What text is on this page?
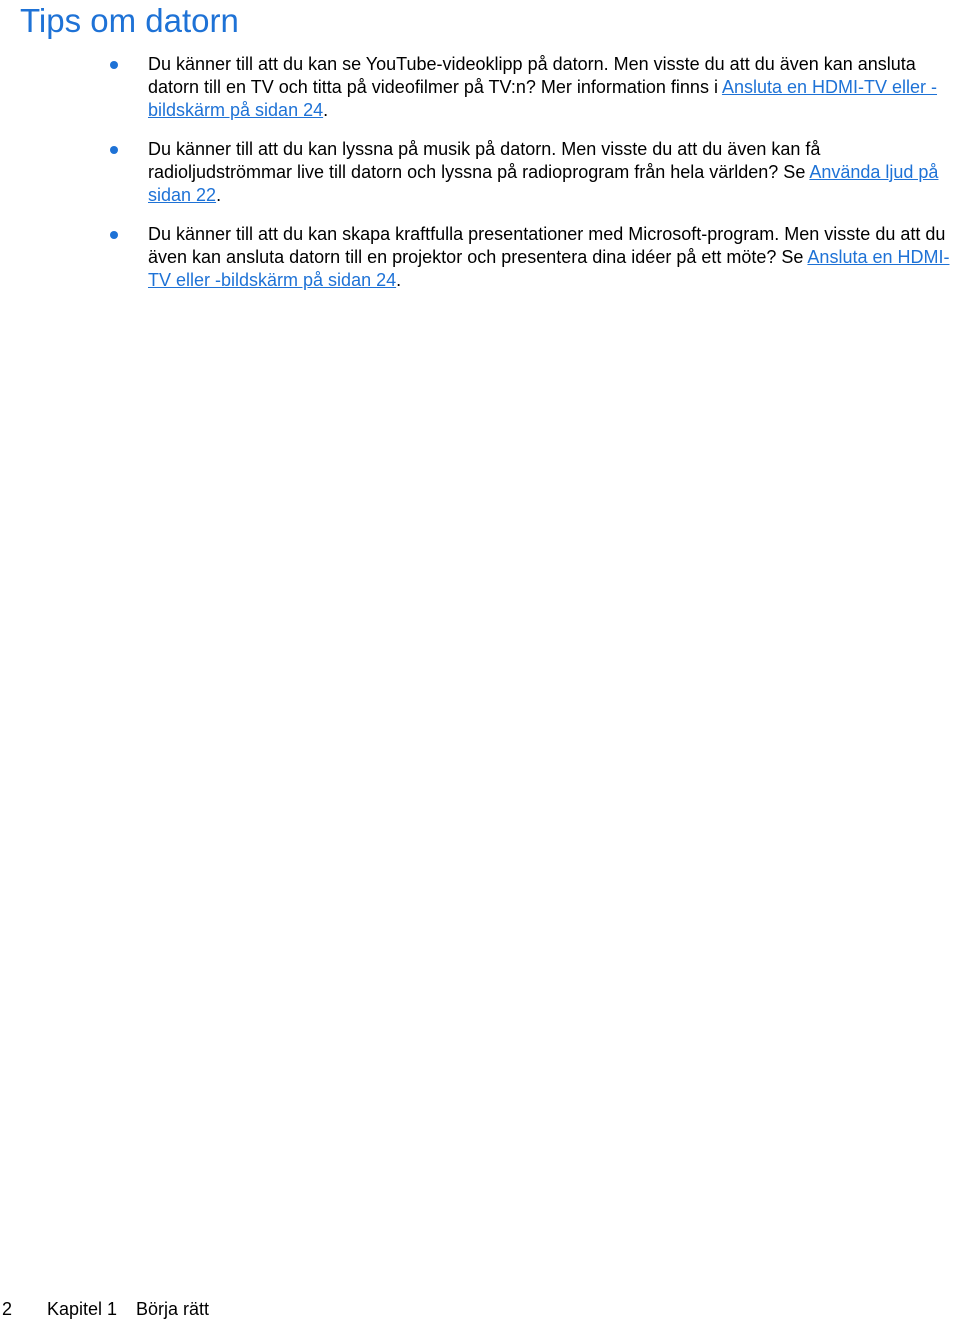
Tips om datorn
Du känner till att du kan se YouTube-videoklipp på datorn. Men visste du att du även kan ansluta datorn till en TV och titta på videofilmer på TV:n? Mer information finns i Ansluta en HDMI-TV eller -bildskärm på sidan 24.
Du känner till att du kan lyssna på musik på datorn. Men visste du att du även kan få radioljudströmmar live till datorn och lyssna på radioprogram från hela världen? Se Använda ljud på sidan 22.
Du känner till att du kan skapa kraftfulla presentationer med Microsoft-program. Men visste du att du även kan ansluta datorn till en projektor och presentera dina idéer på ett möte? Se Ansluta en HDMI-TV eller -bildskärm på sidan 24.
2 Kapitel 1 Börja rätt
